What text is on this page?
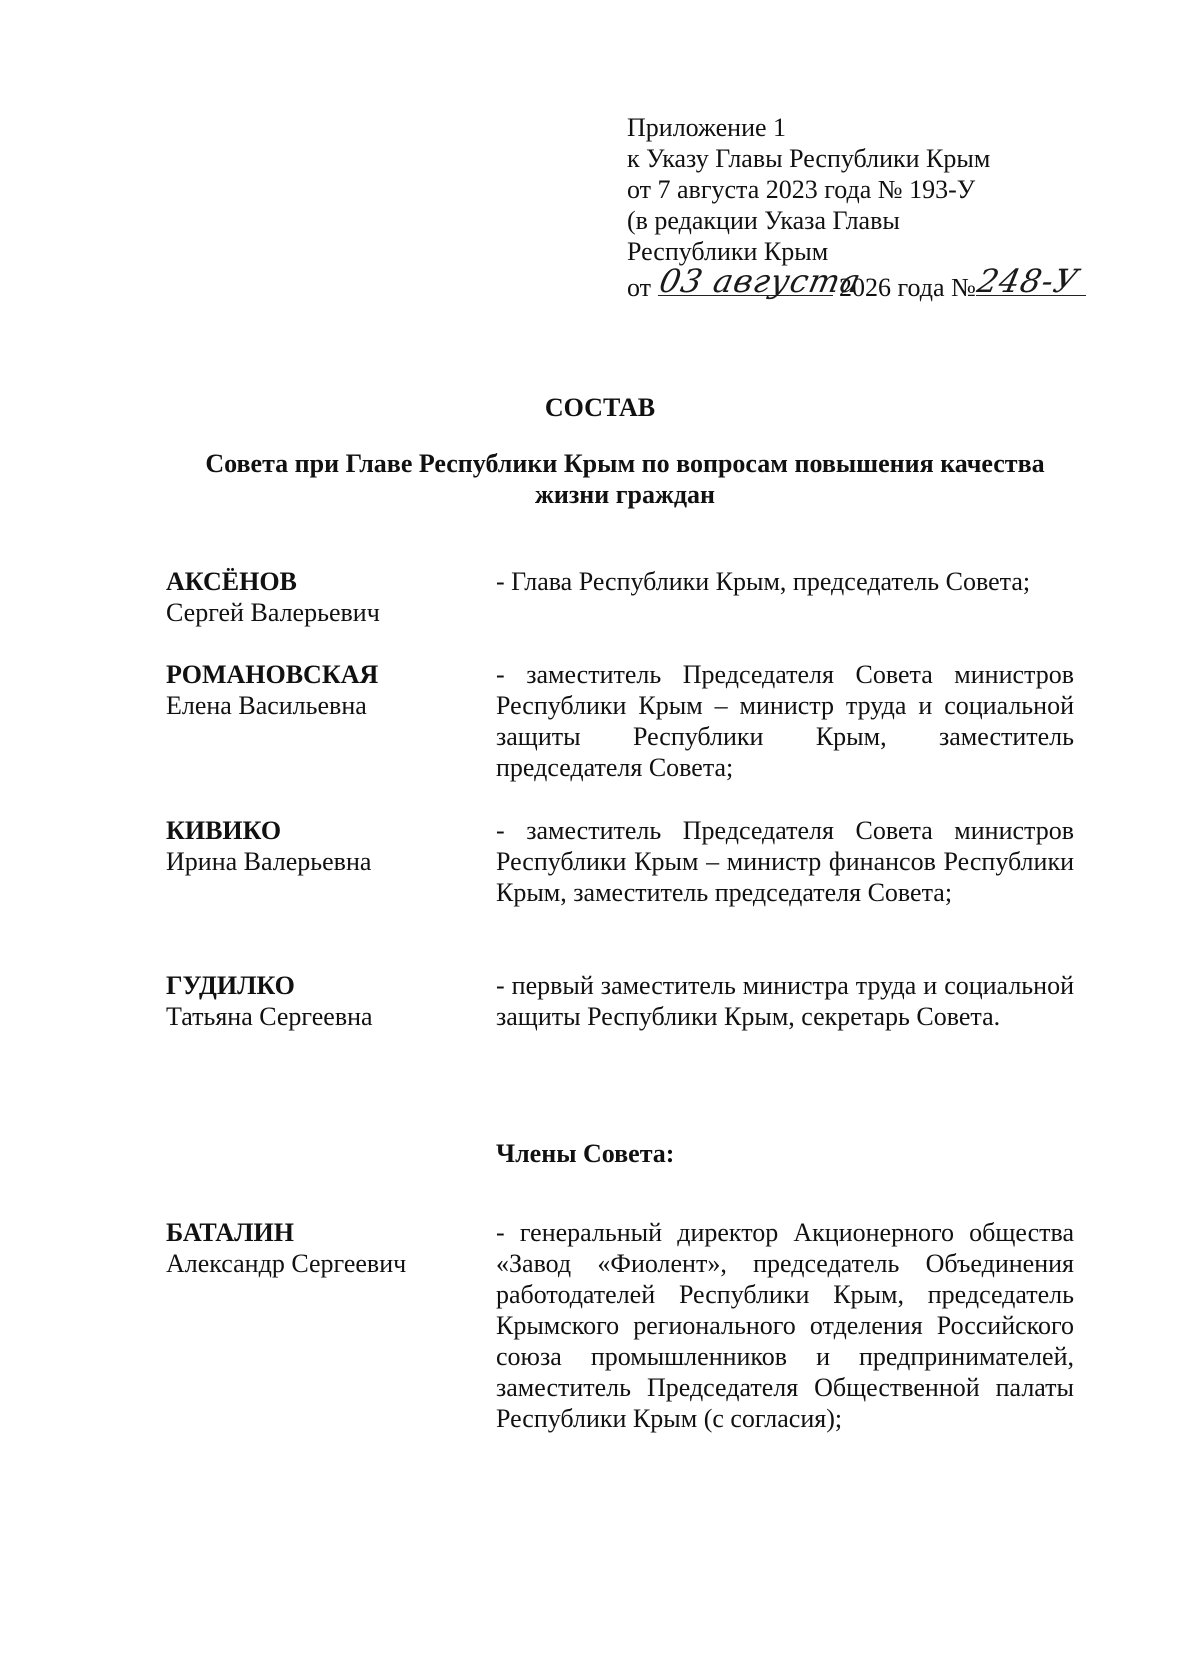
Приложение 1
к Указу Главы Республики Крым
от 7 августа 2023 года № 193-У
(в редакции Указа Главы
Республики Крым
от 03 августа
2026 года №
248-У
СОСТАВ
Совета при Главе Республики Крым по вопросам повышения качества жизни граждан
АКСЁНОВ
Сергей Валерьевич
- Глава Республики Крым, председатель Совета;
РОМАНОВСКАЯ
Елена Васильевна
- заместитель Председателя Совета министров Республики Крым – министр труда и социальной защиты Республики Крым, заместитель председателя Совета;
КИВИКО
Ирина Валерьевна
- заместитель Председателя Совета министров Республики Крым – министр финансов Республики Крым, заместитель председателя Совета;
ГУДИЛКО
Татьяна Сергеевна
- первый заместитель министра труда и социальной защиты Республики Крым, секретарь Совета.
Члены Совета:
БАТАЛИН
Александр Сергеевич
- генеральный директор Акционерного общества «Завод «Фиолент», председатель Объединения работодателей Республики Крым, председатель Крымского регионального отделения Российского союза промышленников и предпринимателей, заместитель Председателя Общественной палаты Республики Крым (с согласия);
